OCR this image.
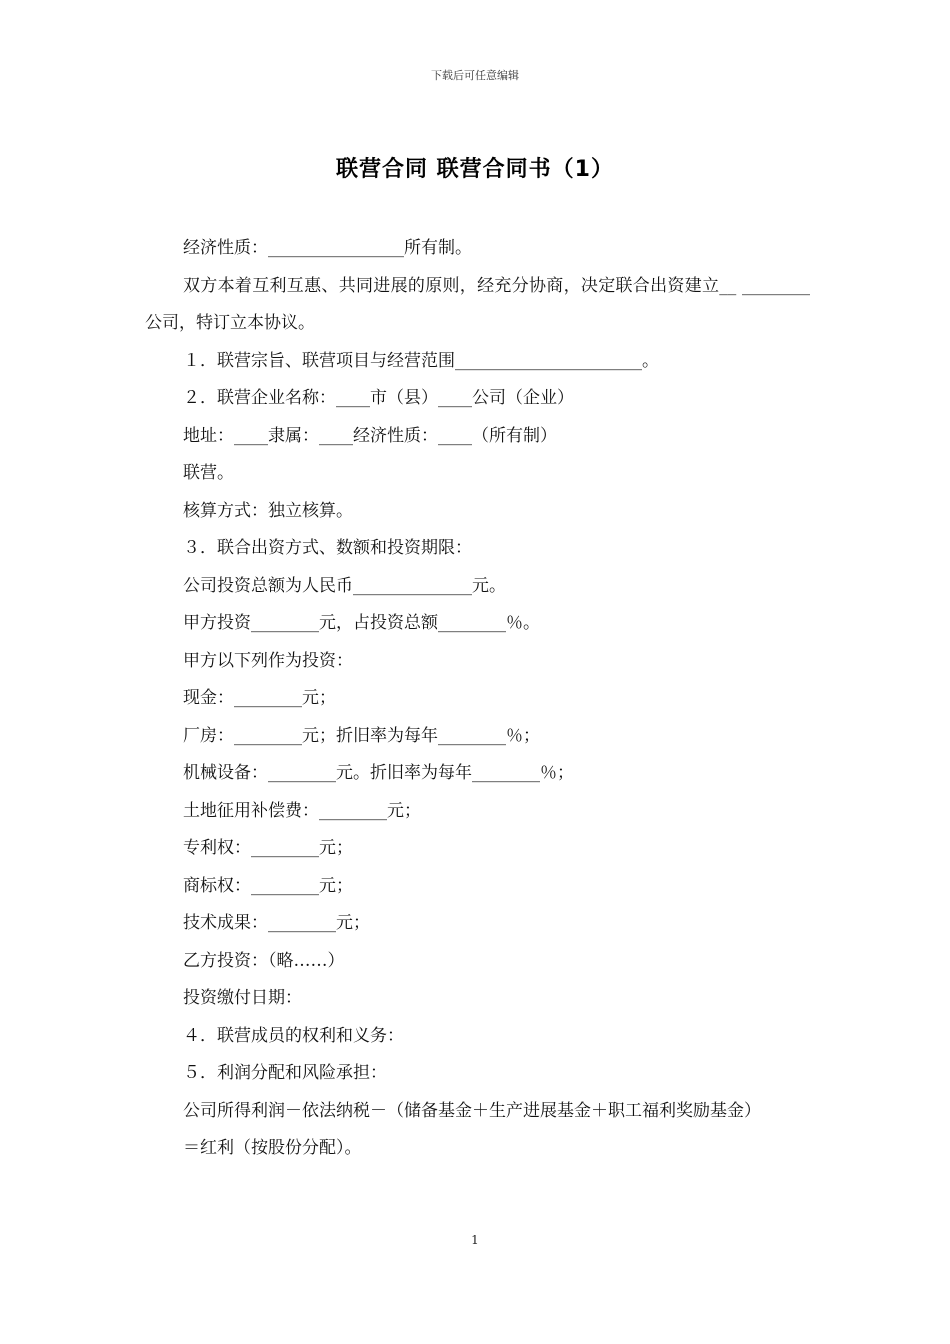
下载后可任意编辑
联营合同 联营合同书（1）

经济性质：________________所有制。

双方本着互利互惠、共同进展的原则，经充分协商，决定联合出资建立__ ________公司，特订立本协议。

１．联营宗旨、联营项目与经营范围______________________。

２．联营企业名称：____市（县）____公司（企业）

地址：____隶属：____经济性质：____（所有制）

联营。

核算方式：独立核算。

３．联合出资方式、数额和投资期限：

公司投资总额为人民币______________元。

甲方投资________元，占投资总额________％。

甲方以下列作为投资：

现金：________元；

厂房：________元；折旧率为每年________％；

机械设备：________元。折旧率为每年________％；

土地征用补偿费：________元；

专利权：________元；

商标权：________元；

技术成果：________元；

乙方投资：（略……）

投资缴付日期：

４．联营成员的权利和义务：

５．利润分配和风险承担：

公司所得利润－依法纳税－（储备基金＋生产进展基金＋职工福利奖励基金）

＝红利（按股份分配）。

1
